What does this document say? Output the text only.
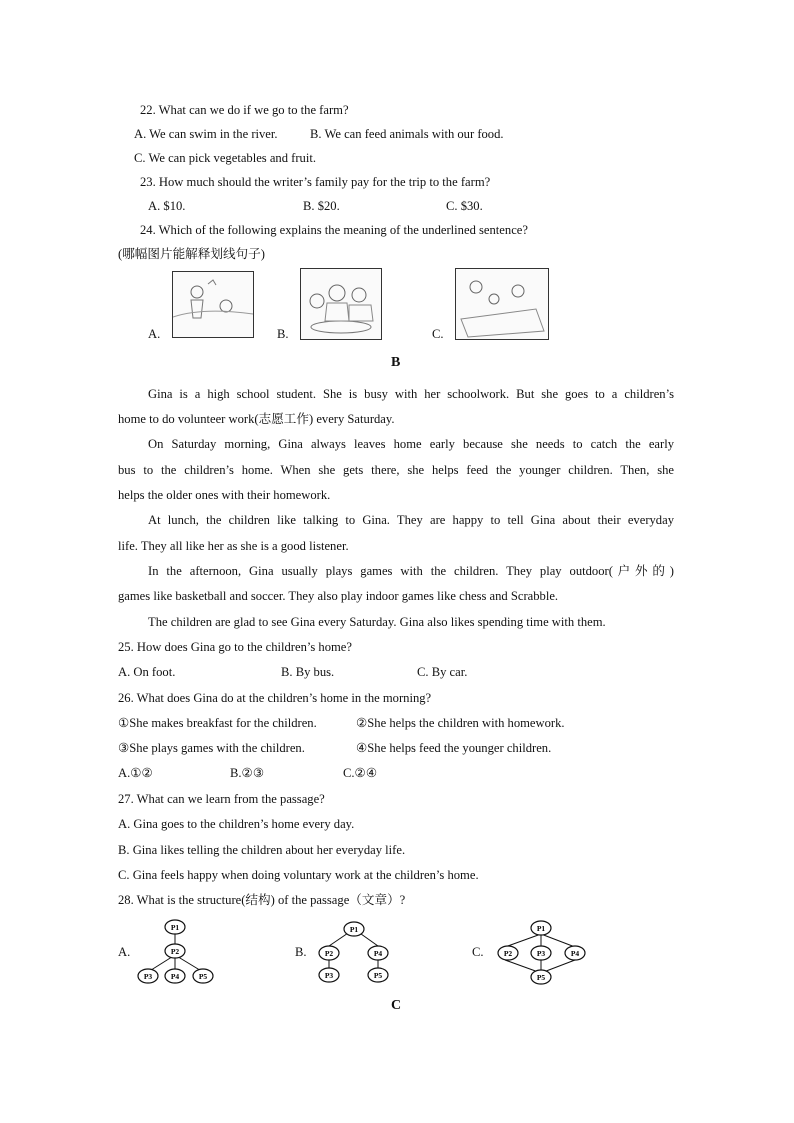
22. What can we do if we go to the farm?
A. We can swim in the river.	B. We can feed animals with our food.
C. We can pick vegetables and fruit.
23. How much should the writer’s family pay for the trip to the farm?
A. $10.	B. $20.	C. $30.
24. Which of the following explains the meaning of the underlined sentence?
(哪幅图片能解释划线句子)
A.	B.	C.
B
Gina is a high school student. She is busy with her schoolwork. But she goes to a children’s
home to do volunteer work(志愿工作) every Saturday.
On Saturday morning, Gina always leaves home early because she needs to catch the early
bus to the children’s home. When she gets there, she helps feed the younger children. Then, she
helps the older ones with their homework.
At lunch, the children like talking to Gina. They are happy to tell Gina about their everyday
life. They all like her as she is a good listener.
In the afternoon, Gina usually plays games with the children. They play outdoor(户外的)
games like basketball and soccer. They also play indoor games like chess and Scrabble.
The children are glad to see Gina every Saturday. Gina also likes spending time with them.
25. How does Gina go to the children’s home?
A. On foot.	B. By bus.	C. By car.
26. What does Gina do at the children’s home in the morning?
①She makes breakfast for the children.	②She helps the children with homework.
③She plays games with the children.	④She helps feed the younger children.
A.①②	B.②③	C.②④
27. What can we learn from the passage?
A. Gina goes to the children’s home every day.
B. Gina likes telling the children about her everyday life.
C. Gina feels happy when doing voluntary work at the children’s home.
28. What is the structure(结构) of the passage（文章）?
A.	B.	C.
P1
P2
P3 P4	P5
P1
P2	P4
P3	P5
P1
P2	P3	P4
P5
C
